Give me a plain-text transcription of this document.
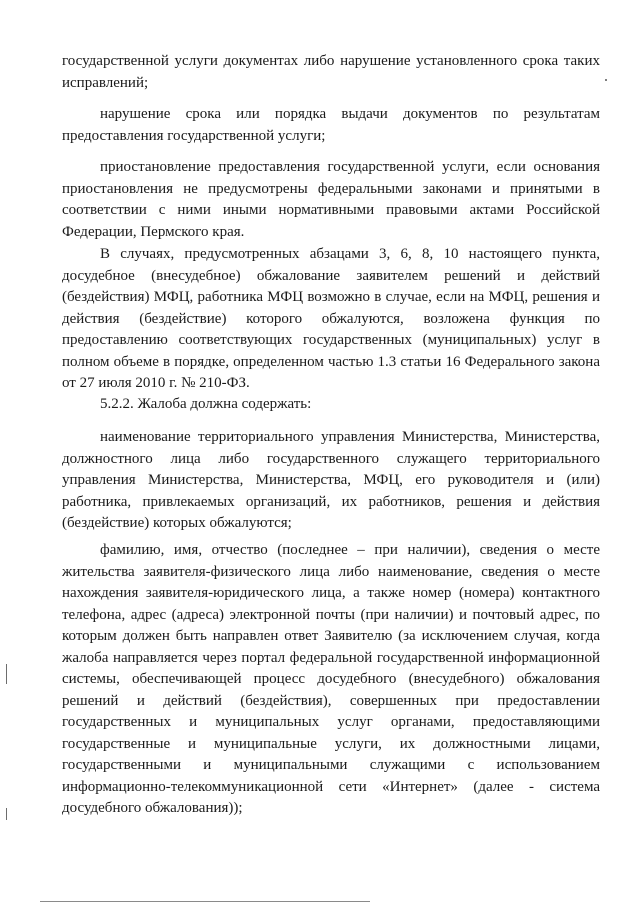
государственной услуги документах либо нарушение установленного срока таких исправлений;

нарушение срока или порядка выдачи документов по результатам предоставления государственной услуги;

приостановление предоставления государственной услуги, если основания приостановления не предусмотрены федеральными законами и принятыми в соответствии с ними иными нормативными правовыми актами Российской Федерации, Пермского края.

В случаях, предусмотренных абзацами 3, 6, 8, 10 настоящего пункта, досудебное (внесудебное) обжалование заявителем решений и действий (бездействия) МФЦ, работника МФЦ возможно в случае, если на МФЦ, решения и действия (бездействие) которого обжалуются, возложена функция по предоставлению соответствующих государственных (муниципальных) услуг в полном объеме в порядке, определенном частью 1.3 статьи 16 Федерального закона от 27 июля 2010 г. № 210-ФЗ.

5.2.2. Жалоба должна содержать:

наименование территориального управления Министерства, Министерства, должностного лица либо государственного служащего территориального управления Министерства, Министерства, МФЦ, его руководителя и (или) работника, привлекаемых организаций, их работников, решения и действия (бездействие) которых обжалуются;

фамилию, имя, отчество (последнее – при наличии), сведения о месте жительства заявителя-физического лица либо наименование, сведения о месте нахождения заявителя-юридического лица, а также номер (номера) контактного телефона, адрес (адреса) электронной почты (при наличии) и почтовый адрес, по которым должен быть направлен ответ Заявителю (за исключением случая, когда жалоба направляется через портал федеральной государственной информационной системы, обеспечивающей процесс досудебного (внесудебного) обжалования решений и действий (бездействия), совершенных при предоставлении государственных и муниципальных услуг органами, предоставляющими государственные и муниципальные услуги, их должностными лицами, государственными и муниципальными служащими с использованием информационно-телекоммуникационной сети «Интернет» (далее - система досудебного обжалования));
